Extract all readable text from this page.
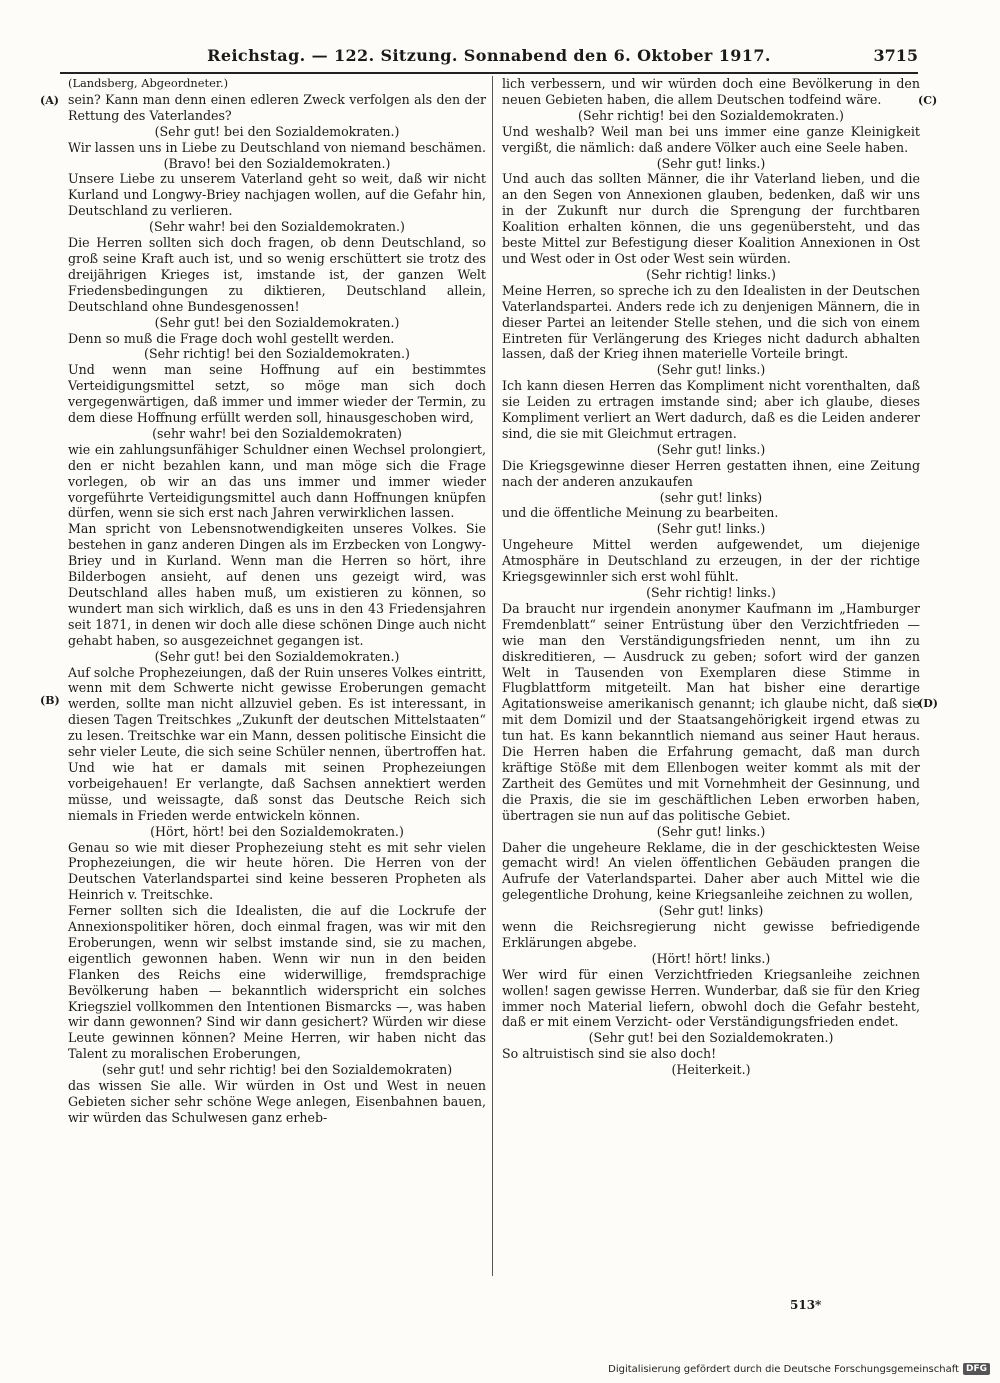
Reichstag. — 122. Sitzung. Sonnabend den 6. Oktober 1917.	3715
(A)
(B)
(C)
(D)

(Landsberg, Abgeordneter.)

sein? Kann man denn einen edleren Zweck verfolgen als den der Rettung des Vaterlandes?

(Sehr gut! bei den Sozialdemokraten.)

Wir lassen uns in Liebe zu Deutschland von niemand beschämen.

(Bravo! bei den Sozialdemokraten.)

Unsere Liebe zu unserem Vaterland geht so weit, daß wir nicht Kurland und Longwy-Briey nachjagen wollen, auf die Gefahr hin, Deutschland zu verlieren.

(Sehr wahr! bei den Sozialdemokraten.)

Die Herren sollten sich doch fragen, ob denn Deutschland, so groß seine Kraft auch ist, und so wenig erschüttert sie trotz des dreijährigen Krieges ist, imstande ist, der ganzen Welt Friedensbedingungen zu diktieren, Deutschland allein, Deutschland ohne Bundesgenossen!

(Sehr gut! bei den Sozialdemokraten.)

Denn so muß die Frage doch wohl gestellt werden.

(Sehr richtig! bei den Sozialdemokraten.)

Und wenn man seine Hoffnung auf ein bestimmtes Verteidigungsmittel setzt, so möge man sich doch vergegenwärtigen, daß immer und immer wieder der Termin, zu dem diese Hoffnung erfüllt werden soll, hinausgeschoben wird,

(sehr wahr! bei den Sozialdemokraten)

wie ein zahlungsunfähiger Schuldner einen Wechsel prolongiert, den er nicht bezahlen kann, und man möge sich die Frage vorlegen, ob wir an das uns immer und immer wieder vorgeführte Verteidigungsmittel auch dann Hoffnungen knüpfen dürfen, wenn sie sich erst nach Jahren verwirklichen lassen.

Man spricht von Lebensnotwendigkeiten unseres Volkes. Sie bestehen in ganz anderen Dingen als im Erzbecken von Longwy-Briey und in Kurland. Wenn man die Herren so hört, ihre Bilderbogen ansieht, auf denen uns gezeigt wird, was Deutschland alles haben muß, um existieren zu können, so wundert man sich wirklich, daß es uns in den 43 Friedensjahren seit 1871, in denen wir doch alle diese schönen Dinge auch nicht gehabt haben, so ausgezeichnet gegangen ist.

(Sehr gut! bei den Sozialdemokraten.)

Auf solche Prophezeiungen, daß der Ruin unseres Volkes eintritt, wenn mit dem Schwerte nicht gewisse Eroberungen gemacht werden, sollte man nicht allzuviel geben. Es ist interessant, in diesen Tagen Treitschkes „Zukunft der deutschen Mittelstaaten“ zu lesen. Treitschke war ein Mann, dessen politische Einsicht die sehr vieler Leute, die sich seine Schüler nennen, übertroffen hat. Und wie hat er damals mit seinen Prophezeiungen vorbeigehauen! Er verlangte, daß Sachsen annektiert werden müsse, und weissagte, daß sonst das Deutsche Reich sich niemals in Frieden werde entwickeln können.

(Hört, hört! bei den Sozialdemokraten.)

Genau so wie mit dieser Prophezeiung steht es mit sehr vielen Prophezeiungen, die wir heute hören. Die Herren von der Deutschen Vaterlandspartei sind keine besseren Propheten als Heinrich v. Treitschke.

Ferner sollten sich die Idealisten, die auf die Lockrufe der Annexionspolitiker hören, doch einmal fragen, was wir mit den Eroberungen, wenn wir selbst imstande sind, sie zu machen, eigentlich gewonnen haben. Wenn wir nun in den beiden Flanken des Reichs eine widerwillige, fremdsprachige Bevölkerung haben — bekanntlich widerspricht ein solches Kriegsziel vollkommen den Intentionen Bismarcks —, was haben wir dann gewonnen? Sind wir dann gesichert? Würden wir diese Leute gewinnen können? Meine Herren, wir haben nicht das Talent zu moralischen Eroberungen,

(sehr gut! und sehr richtig! bei den Sozialdemokraten)

das wissen Sie alle. Wir würden in Ost und West in neuen Gebieten sicher sehr schöne Wege anlegen, Eisenbahnen bauen, wir würden das Schulwesen ganz erheb-

lich verbessern, und wir würden doch eine Bevölkerung in den neuen Gebieten haben, die allem Deutschen todfeind wäre.

(Sehr richtig! bei den Sozialdemokraten.)

Und weshalb? Weil man bei uns immer eine ganze Kleinigkeit vergißt, die nämlich: daß andere Völker auch eine Seele haben.

(Sehr gut! links.)

Und auch das sollten Männer, die ihr Vaterland lieben, und die an den Segen von Annexionen glauben, bedenken, daß wir uns in der Zukunft nur durch die Sprengung der furchtbaren Koalition erhalten können, die uns gegenübersteht, und das beste Mittel zur Befestigung dieser Koalition Annexionen in Ost und West oder in Ost oder West sein würden.

(Sehr richtig! links.)

Meine Herren, so spreche ich zu den Idealisten in der Deutschen Vaterlandspartei. Anders rede ich zu denjenigen Männern, die in dieser Partei an leitender Stelle stehen, und die sich von einem Eintreten für Verlängerung des Krieges nicht dadurch abhalten lassen, daß der Krieg ihnen materielle Vorteile bringt.

(Sehr gut! links.)

Ich kann diesen Herren das Kompliment nicht vorenthalten, daß sie Leiden zu ertragen imstande sind; aber ich glaube, dieses Kompliment verliert an Wert dadurch, daß es die Leiden anderer sind, die sie mit Gleichmut ertragen.

(Sehr gut! links.)

Die Kriegsgewinne dieser Herren gestatten ihnen, eine Zeitung nach der anderen anzukaufen

(sehr gut! links)

und die öffentliche Meinung zu bearbeiten.

(Sehr gut! links.)

Ungeheure Mittel werden aufgewendet, um diejenige Atmosphäre in Deutschland zu erzeugen, in der der richtige Kriegsgewinnler sich erst wohl fühlt.

(Sehr richtig! links.)

Da braucht nur irgendein anonymer Kaufmann im „Hamburger Fremdenblatt“ seiner Entrüstung über den Verzichtfrieden — wie man den Verständigungsfrieden nennt, um ihn zu diskreditieren, — Ausdruck zu geben; sofort wird der ganzen Welt in Tausenden von Exemplaren diese Stimme in Flugblattform mitgeteilt. Man hat bisher eine derartige Agitationsweise amerikanisch genannt; ich glaube nicht, daß sie mit dem Domizil und der Staatsangehörigkeit irgend etwas zu tun hat. Es kann bekanntlich niemand aus seiner Haut heraus. Die Herren haben die Erfahrung gemacht, daß man durch kräftige Stöße mit dem Ellenbogen weiter kommt als mit der Zartheit des Gemütes und mit Vornehmheit der Gesinnung, und die Praxis, die sie im geschäftlichen Leben erworben haben, übertragen sie nun auf das politische Gebiet.

(Sehr gut! links.)

Daher die ungeheure Reklame, die in der geschicktesten Weise gemacht wird! An vielen öffentlichen Gebäuden prangen die Aufrufe der Vaterlandspartei. Daher aber auch Mittel wie die gelegentliche Drohung, keine Kriegsanleihe zeichnen zu wollen,

(Sehr gut! links)

wenn die Reichsregierung nicht gewisse befriedigende Erklärungen abgebe.

(Hört! hört! links.)

Wer wird für einen Verzichtfrieden Kriegsanleihe zeichnen wollen! sagen gewisse Herren. Wunderbar, daß sie für den Krieg immer noch Material liefern, obwohl doch die Gefahr besteht, daß er mit einem Verzicht- oder Verständigungsfrieden endet.

(Sehr gut! bei den Sozialdemokraten.)

So altruistisch sind sie also doch!

(Heiterkeit.)

513*
Digitalisierung gefördert durch die Deutsche Forschungsgemeinschaft DFG
